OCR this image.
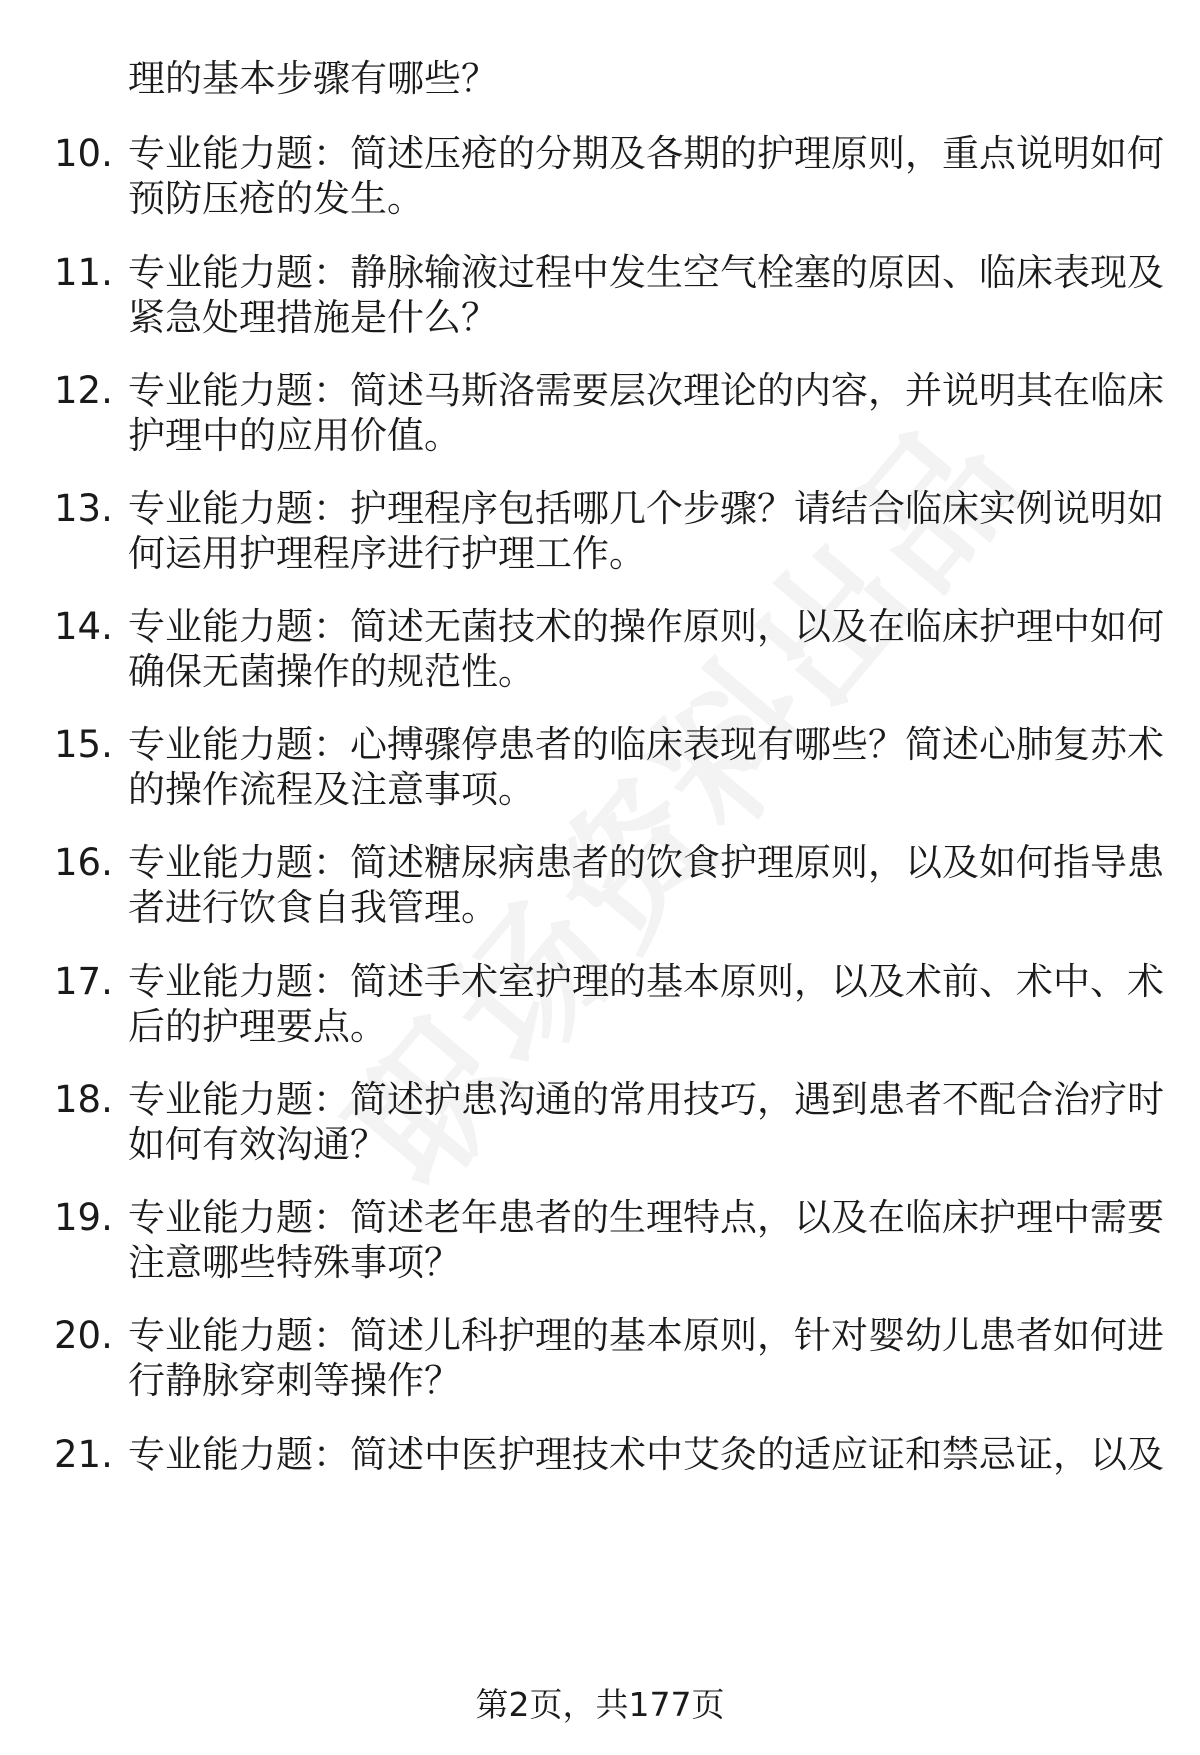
理的基本步骤有哪些？
10. 专业能力题：简述压疮的分期及各期的护理原则，重点说明如何
预防压疮的发生。
11. 专业能力题：静脉输液过程中发生空气栓塞的原因、临床表现及
紧急处理措施是什么？
12. 专业能力题：简述马斯洛需要层次理论的内容，并说明其在临床
护理中的应用价值。
13. 专业能力题：护理程序包括哪几个步骤？请结合临床实例说明如
何运用护理程序进行护理工作。
14. 专业能力题：简述无菌技术的操作原则，以及在临床护理中如何
确保无菌操作的规范性。
15. 专业能力题：心搏骤停患者的临床表现有哪些？简述心肺复苏术
的操作流程及注意事项。
16. 专业能力题：简述糖尿病患者的饮食护理原则，以及如何指导患
者进行饮食自我管理。
17. 专业能力题：简述手术室护理的基本原则，以及术前、术中、术
后的护理要点。
18. 专业能力题：简述护患沟通的常用技巧，遇到患者不配合治疗时
如何有效沟通？
19. 专业能力题：简述老年患者的生理特点，以及在临床护理中需要
注意哪些特殊事项？
20. 专业能力题：简述儿科护理的基本原则，针对婴幼儿患者如何进
行静脉穿刺等操作？
21. 专业能力题：简述中医护理技术中艾灸的适应证和禁忌证，以及
第2页，共177页
